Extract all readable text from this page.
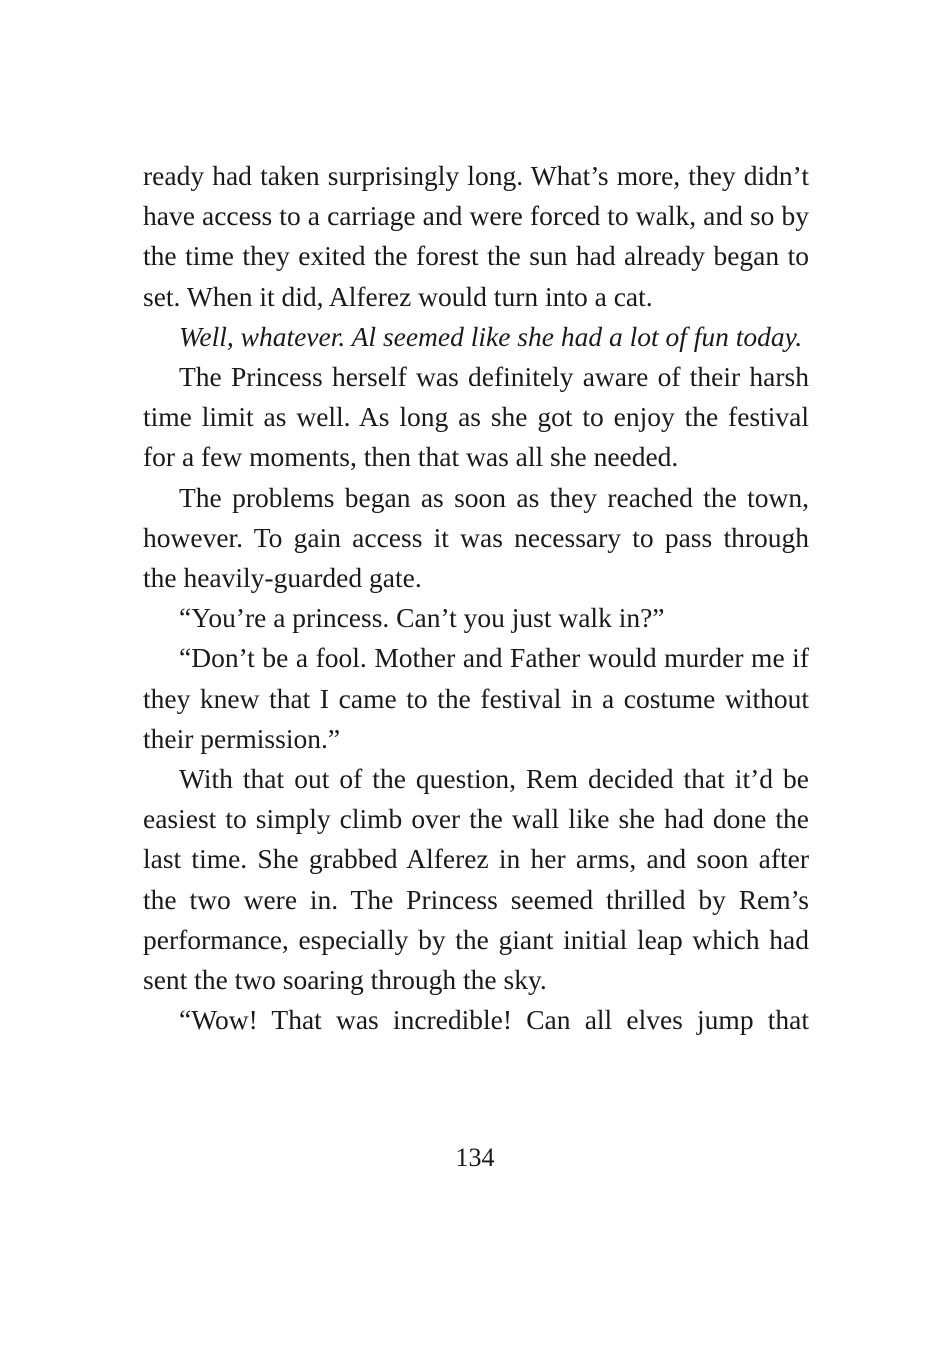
ready had taken surprisingly long. What’s more, they didn’t have access to a carriage and were forced to walk, and so by the time they exited the forest the sun had already began to set. When it did, Alferez would turn into a cat.

Well, whatever. Al seemed like she had a lot of fun today.

The Princess herself was definitely aware of their harsh time limit as well. As long as she got to enjoy the festival for a few moments, then that was all she needed.

The problems began as soon as they reached the town, however. To gain access it was necessary to pass through the heavily-guarded gate.

“You’re a princess. Can’t you just walk in?”

“Don’t be a fool. Mother and Father would murder me if they knew that I came to the festival in a costume without their permission.”

With that out of the question, Rem decided that it’d be easiest to simply climb over the wall like she had done the last time. She grabbed Alferez in her arms, and soon after the two were in. The Princess seemed thrilled by Rem’s performance, especially by the giant initial leap which had sent the two soaring through the sky.

“Wow! That was incredible! Can all elves jump that

134
